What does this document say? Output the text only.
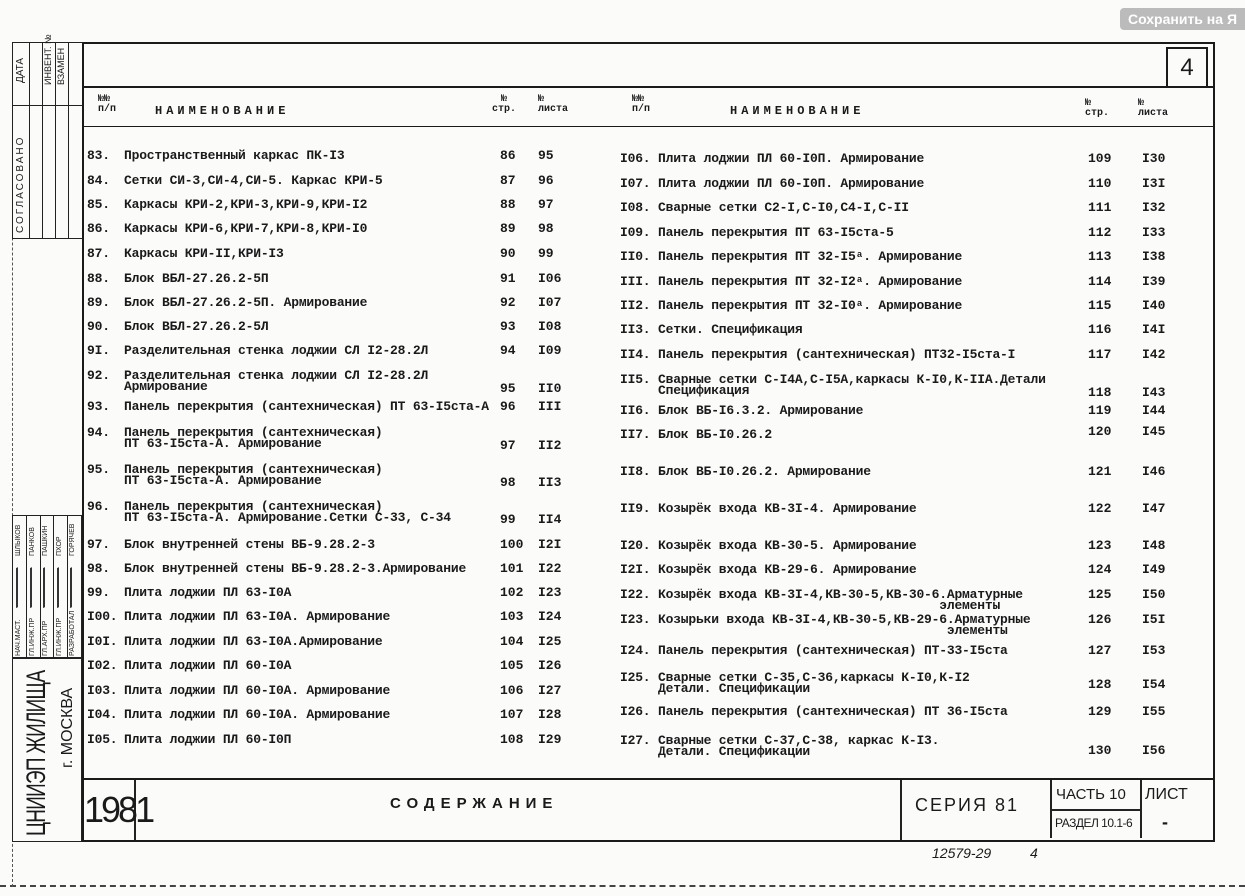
Сохранить на Я
4
№№
п/п	НАИМЕНОВАНИЕ
№
стр.
№
листа
№№
п/п	НАИМЕНОВАНИЕ
№
стр.
№
листа
83. Пространственный каркас ПК-I3	86 95
84. Сетки СИ-3,СИ-4,СИ-5. Каркас КРИ-5	87 96
85. Каркасы КРИ-2,КРИ-3,КРИ-9,КРИ-I2	88 97
86. Каркасы КРИ-6,КРИ-7,КРИ-8,КРИ-I0	89 98
87. Каркасы КРИ-II,КРИ-I3	90 99
88. Блок ВБЛ-27.26.2-5П	91 I06
89. Блок ВБЛ-27.26.2-5П. Армирование	92 I07
90. Блок ВБЛ-27.26.2-5Л	93 I08
9I. Разделительная стенка лоджии СЛ I2-28.2Л	94 I09
92. Разделительная стенка лоджии СЛ I2-28.2Л
Армирование	95 II0
93. Панель перекрытия (сантехническая) ПТ 63-I5ста-А 96 III
94. Панель перекрытия (сантехническая)
ПТ 63-I5ста-А. Армирование	97 II2
95. Панель перекрытия (сантехническая)
ПТ 63-I5ста-А. Армирование	98 II3
96. Панель перекрытия (сантехническая)
ПТ 63-I5ста-А. Армирование.Сетки С-33, С-34	99 II4
97. Блок внутренней стены ВБ-9.28.2-3	100 I2I
98. Блок внутренней стены ВБ-9.28.2-3.Армирование	101 I22
99. Плита лоджии ПЛ 63-I0А	102 I23
I00. Плита лоджии ПЛ 63-I0А. Армирование	103 I24
I0I. Плита лоджии ПЛ 63-I0А.Армирование	104 I25
I02. Плита лоджии ПЛ 60-I0А	105 I26
I03. Плита лоджии ПЛ 60-I0А. Армирование	106 I27
I04. Плита лоджии ПЛ 60-I0А. Армирование	107 I28
I05. Плита лоджии ПЛ 60-I0П	108 I29
I06. Плита лоджии ПЛ 60-I0П. Армирование	109 I30
I07. Плита лоджии ПЛ 60-I0П. Армирование	110 I3I
I08. Сварные сетки С2-I,С-I0,С4-I,С-II	111 I32
I09. Панель перекрытия ПТ 63-I5ста-5	112 I33
II0. Панель перекрытия ПТ 32-I5ᵃ. Армирование	113 I38
III. Панель перекрытия ПТ 32-I2ᵃ. Армирование	114 I39
II2. Панель перекрытия ПТ 32-I0ᵃ. Армирование	115 I40
II3. Сетки. Спецификация	116 I4I
II4. Панель перекрытия (сантехническая) ПТ32-I5ста-I	117 I42
II5. Сварные сетки С-I4А,С-I5А,каркасы К-I0,К-IIА.Детали
Спецификация	118 I43
II6. Блок ВБ-I6.3.2. Армирование	119 I44
II7. Блок ВБ-I0.26.2	120 I45
II8. Блок ВБ-I0.26.2. Армирование	121 I46
II9. Козырёк входа КВ-3I-4. Армирование	122 I47
I20. Козырёк входа КВ-30-5. Армирование	123 I48
I2I. Козырёк входа КВ-29-6. Армирование	124 I49
I22. Козырёк входа КВ-3I-4,КВ-30-5,КВ-30-6.Арматурные
элементы
125 I50
I23. Козырьки входа КВ-3I-4,КВ-30-5,КВ-29-6.Арматурные
элементы
126 I5I
I24. Панель перекрытия (сантехническая) ПТ-33-I5ста	127 I53
I25. Сварные сетки С-35,С-36,каркасы К-I0,К-I2
Детали. Спецификации	128 I54
I26. Панель перекрытия (сантехническая) ПТ 36-I5ста	129 I55
I27. Сварные сетки С-37,С-38, каркас К-I3.
Детали. Спецификации	130 I56
СОГЛАСОВАНО
ДАТА ИНВЕНТ. № ВЗАМЕН
НАЧ.МАСТ.
ШЛЫКОВ
ГЛ.ИНЖ.ПР
ПАНКОВ
ГЛ.АРХ.ПР
ПАШКИН
ГЛ.ИНЖ.ПР
ПХОР
РАЗРАБОТАЛ
ГОРЯЧЕВ
ЦНИИЭП ЖИЛИЩА г. МОСКВА
1981	СОДЕРЖАНИЕ	СЕРИЯ 81
ЧАСТЬ 10
РАЗДЕЛ 10.1-6
ЛИСТ
-
12579-29	4
